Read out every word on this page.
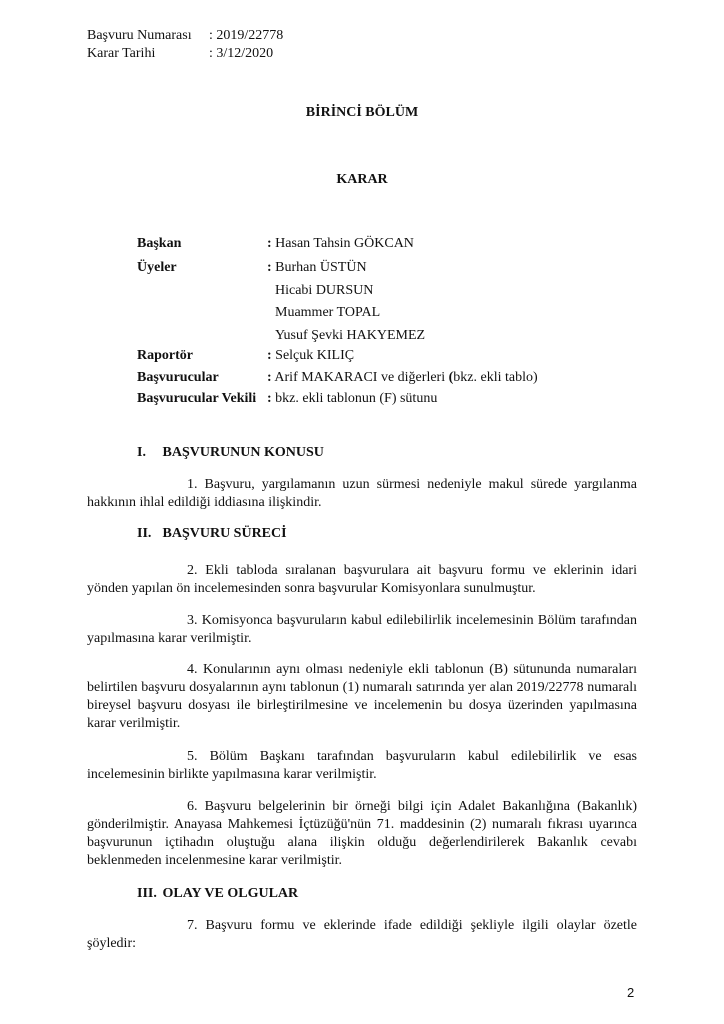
Başvuru Numarası : 2019/22778
Karar Tarihi	: 3/12/2020
BİRİNCİ BÖLÜM
KARAR
Başkan	: Hasan Tahsin GÖKCAN
Üyeler	: Burhan ÜSTÜN
Hicabi DURSUN
Muammer TOPAL
Yusuf Şevki HAKYEMEZ
Raportör	: Selçuk KILIÇ
Başvurucular	: Arif MAKARACI ve diğerleri (bkz. ekli tablo)
Başvurucular Vekili : bkz. ekli tablonun (F) sütunu
I. BAŞVURUNUN KONUSU
1. Başvuru, yargılamanın uzun sürmesi nedeniyle makul sürede yargılanma hakkının ihlal edildiği iddiasına ilişkindir.
II. BAŞVURU SÜRECİ
2. Ekli tabloda sıralanan başvurulara ait başvuru formu ve eklerinin idari yönden yapılan ön incelemesinden sonra başvurular Komisyonlara sunulmuştur.
3. Komisyonca başvuruların kabul edilebilirlik incelemesinin Bölüm tarafından yapılmasına karar verilmiştir.
4. Konularının aynı olması nedeniyle ekli tablonun (B) sütununda numaraları belirtilen başvuru dosyalarının aynı tablonun (1) numaralı satırında yer alan 2019/22778 numaralı bireysel başvuru dosyası ile birleştirilmesine ve incelemenin bu dosya üzerinden yapılmasına karar verilmiştir.
5. Bölüm Başkanı tarafından başvuruların kabul edilebilirlik ve esas incelemesinin birlikte yapılmasına karar verilmiştir.
6. Başvuru belgelerinin bir örneği bilgi için Adalet Bakanlığına (Bakanlık) gönderilmiştir. Anayasa Mahkemesi İçtüzüğü'nün 71. maddesinin (2) numaralı fıkrası uyarınca başvurunun içtihadın oluştuğu alana ilişkin olduğu değerlendirilerek Bakanlık cevabı beklenmeden incelenmesine karar verilmiştir.
III. OLAY VE OLGULAR
7. Başvuru formu ve eklerinde ifade edildiği şekliyle ilgili olaylar özetle şöyledir:
2
